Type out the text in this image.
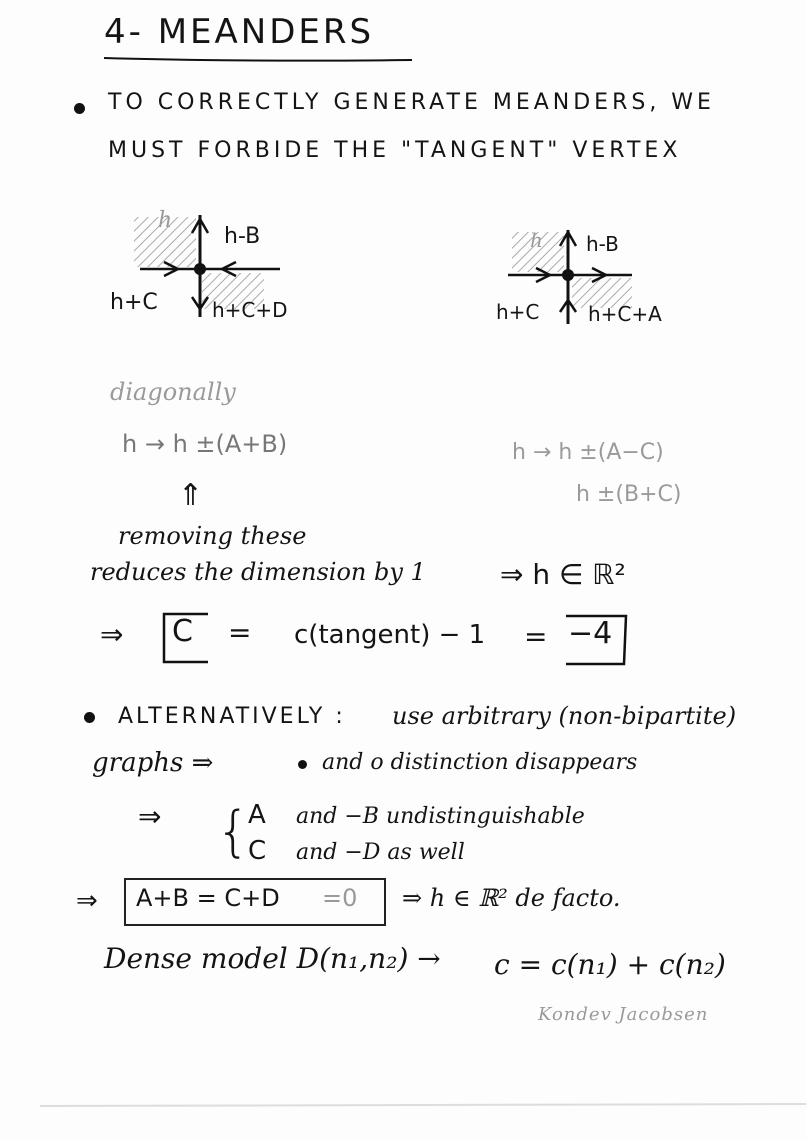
4- MEANDERS
TO CORRECTLY GENERATE MEANDERS, WE
MUST FORBIDE THE "TANGENT" VERTEX
h
h-B
h+C	h+C+D
h h-B
h+C h+C+A
diagonally
h → h ±(A+B)	h → h ±(A−C)
h ±(B+C)
⇑
removing these
reduces the dimension by 1	⇒ h ∈ ℝ²
⇒ C = c(tangent) − 1 = −4
ALTERNATIVELY : use arbitrary (non-bipartite)
graphs ⇒	and o distinction disappears
⇒ {
A and −B undistinguishable
C and −D as well
⇒ A+B = C+D =0 ⇒ h ∈ ℝ² de facto.
Dense model D(n₁,n₂) → c = c(n₁) + c(n₂)
Kondev Jacobsen
